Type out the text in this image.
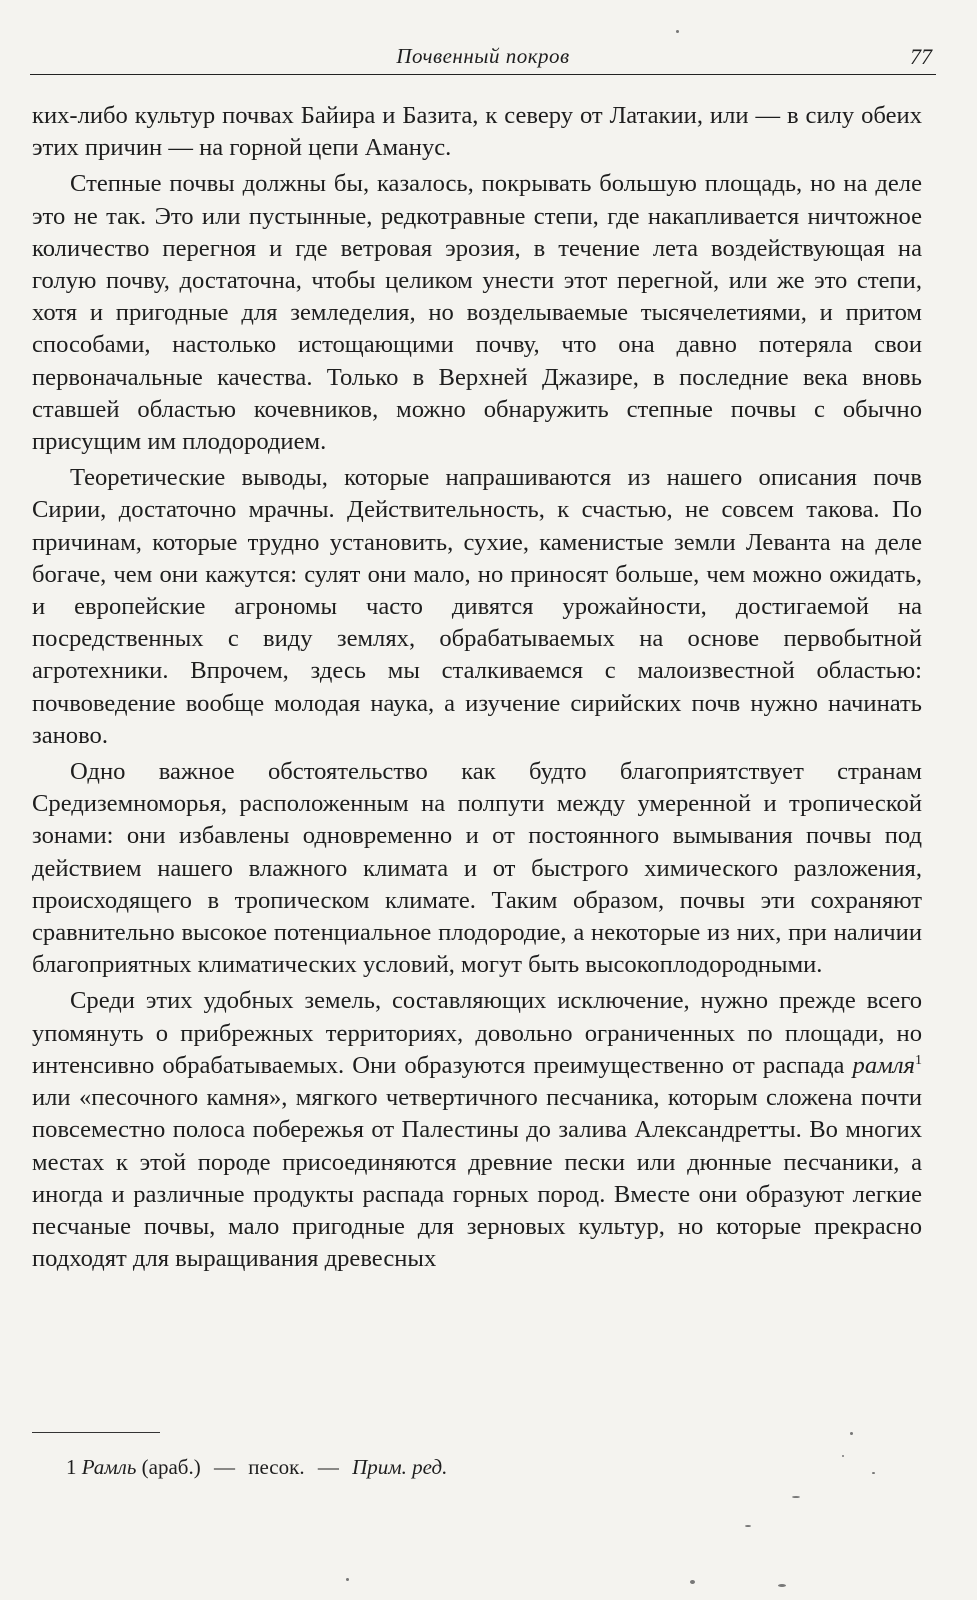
Почвенный покров	77

ких-либо культур почвах Байира и Базита, к северу от Латакии, или — в силу обеих этих причин — на горной цепи Аманус.

Степные почвы должны бы, казалось, покрывать большую площадь, но на деле это не так. Это или пустынные, редкотравные степи, где накапливается ничтожное количество перегноя и где ветровая эрозия, в течение лета воздействующая на голую почву, достаточна, чтобы целиком унести этот перегной, или же это степи, хотя и пригодные для земледелия, но возделываемые тысячелетиями, и притом способами, настолько истощающими почву, что она давно потеряла свои первоначальные качества. Только в Верхней Джазире, в последние века вновь ставшей областью кочевников, можно обнаружить степные почвы с обычно присущим им плодородием.

Теоретические выводы, которые напрашиваются из нашего описания почв Сирии, достаточно мрачны. Действительность, к счастью, не совсем такова. По причинам, которые трудно установить, сухие, каменистые земли Леванта на деле богаче, чем они кажутся: сулят они мало, но приносят больше, чем можно ожидать, и европейские агрономы часто дивятся урожайности, достигаемой на посредственных с виду землях, обрабатываемых на основе первобытной агротехники. Впрочем, здесь мы сталкиваемся с малоизвестной областью: почвоведение вообще молодая наука, а изучение сирийских почв нужно начинать заново.

Одно важное обстоятельство как будто благоприятствует странам Средиземноморья, расположенным на полпути между умеренной и тропической зонами: они избавлены одновременно и от постоянного вымывания почвы под действием нашего влажного климата и от быстрого химического разложения, происходящего в тропическом климате. Таким образом, почвы эти сохраняют сравнительно высокое потенциальное плодородие, а некоторые из них, при наличии благоприятных климатических условий, могут быть высокоплодородными.

Среди этих удобных земель, составляющих исключение, нужно прежде всего упомянуть о прибрежных территориях, довольно ограниченных по площади, но интенсивно обрабатываемых. Они образуются преимущественно от распада рамля$^1$ или «песочного камня», мягкого четвертичного песчаника, которым сложена почти повсеместно полоса побережья от Палестины до залива Александретты. Во многих местах к этой породе присоединяются древние пески или дюнные песчаники, а иногда и различные продукты распада горных пород. Вместе они образуют легкие песчаные почвы, мало пригодные для зерновых культур, но которые прекрасно подходят для выращивания древесных

1 Рамль (араб.) — песок. — Прим. ред.
